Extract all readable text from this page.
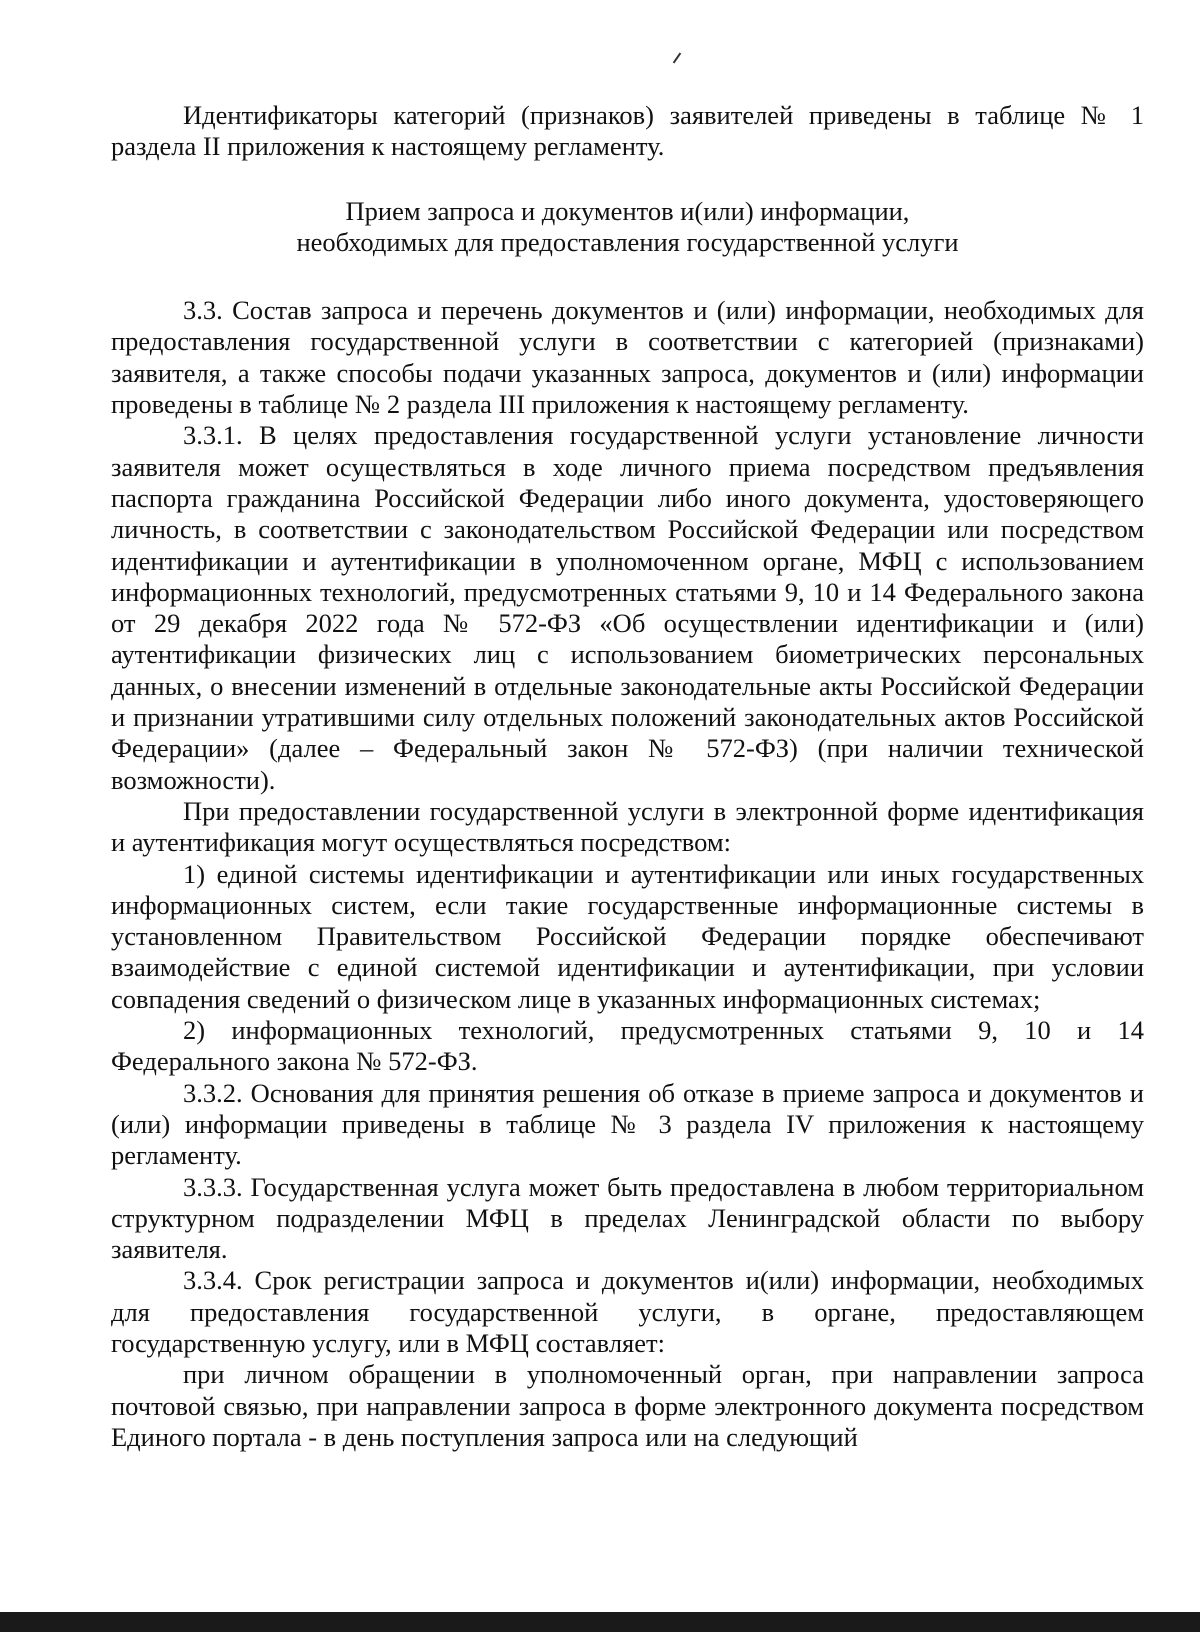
Идентификаторы категорий (признаков) заявителей приведены в таблице № 1 раздела II приложения к настоящему регламенту.

Прием запроса и документов и(или) информации,
необходимых для предоставления государственной услуги

3.3. Состав запроса и перечень документов и (или) информации, необходимых для предоставления государственной услуги в соответствии с категорией (признаками) заявителя, а также способы подачи указанных запроса, документов и (или) информации проведены в таблице № 2 раздела III приложения к настоящему регламенту.

3.3.1. В целях предоставления государственной услуги установление личности заявителя может осуществляться в ходе личного приема посредством предъявления паспорта гражданина Российской Федерации либо иного документа, удостоверяющего личность, в соответствии с законодательством Российской Федерации или посредством идентификации и аутентификации в уполномоченном органе, МФЦ с использованием информационных технологий, предусмотренных статьями 9, 10 и 14 Федерального закона от 29 декабря 2022 года № 572-ФЗ «Об осуществлении идентификации и (или) аутентификации физических лиц с использованием биометрических персональных данных, о внесении изменений в отдельные законодательные акты Российской Федерации и признании утратившими силу отдельных положений законодательных актов Российской Федерации» (далее – Федеральный закон № 572-ФЗ) (при наличии технической возможности).

При предоставлении государственной услуги в электронной форме идентификация и аутентификация могут осуществляться посредством:

1) единой системы идентификации и аутентификации или иных государственных информационных систем, если такие государственные информационные системы в установленном Правительством Российской Федерации порядке обеспечивают взаимодействие с единой системой идентификации и аутентификации, при условии совпадения сведений о физическом лице в указанных информационных системах;

2) информационных технологий, предусмотренных статьями 9, 10 и 14 Федерального закона № 572-ФЗ.

3.3.2. Основания для принятия решения об отказе в приеме запроса и документов и (или) информации приведены в таблице № 3 раздела IV приложения к настоящему регламенту.

3.3.3. Государственная услуга может быть предоставлена в любом территориальном структурном подразделении МФЦ в пределах Ленинградской области по выбору заявителя.

3.3.4. Срок регистрации запроса и документов и(или) информации, необходимых для предоставления государственной услуги, в органе, предоставляющем государственную услугу, или в МФЦ составляет:

при личном обращении в уполномоченный орган, при направлении запроса почтовой связью, при направлении запроса в форме электронного документа посредством Единого портала - в день поступления запроса или на следующий
